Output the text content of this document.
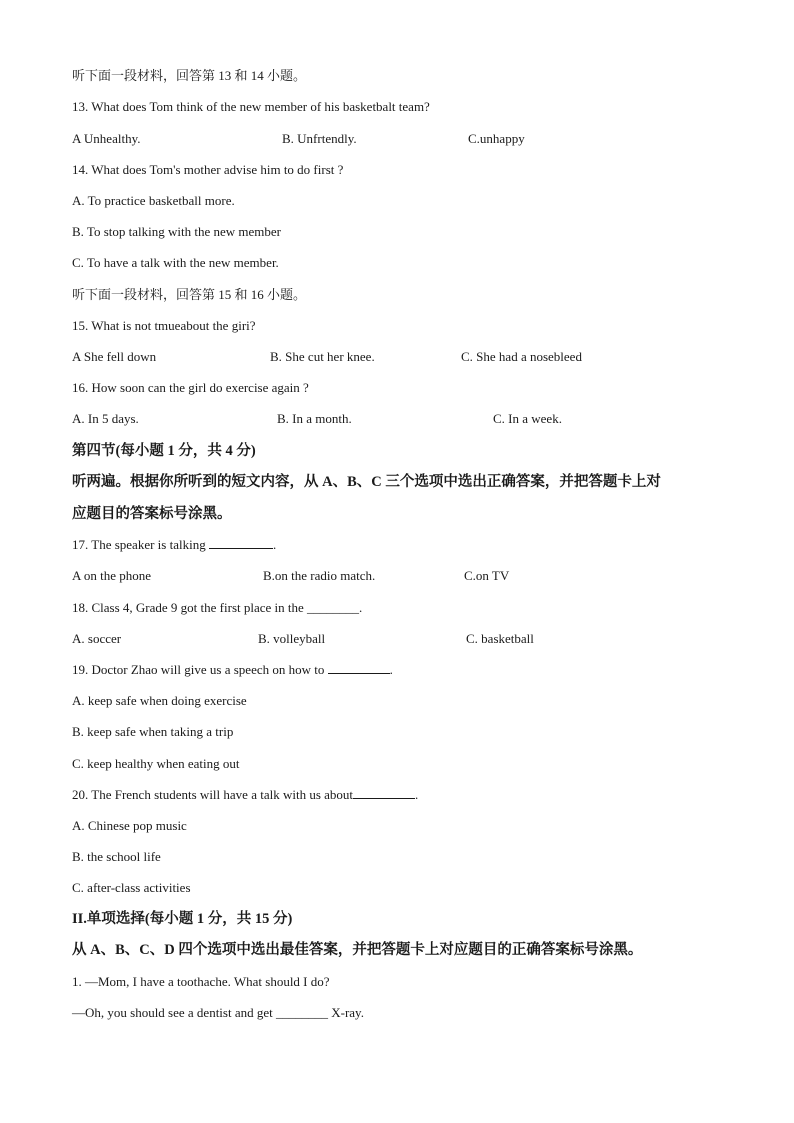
听下面一段材料，回答第 13 和 14 小题。
13. What does Tom think of the new member of his basketbalt team?
A Unhealthy.	B. Unfrtendly.	C.unhappy
14. What does Tom's mother advise him to do first ?
A. To practice basketball more.
B. To stop talking with the new member
C. To have a talk with the new member.
听下面一段材料，回答第 15 和 16 小题。
15. What is not tmueabout the giri?
A She fell down	B. She cut her knee.	C. She had a nosebleed
16. How soon can the girl do exercise again ?
A. In 5 days.	B. In a month.	C. In a week.
第四节(每小题 1 分，共 4 分)
听两遍。根据你所听到的短文内容，从 A、B、C 三个选项中选出正确答案，并把答题卡上对
应题目的答案标号涂黑。
17. The speaker is talking	.
A on the phone	B.on the radio match.	C.on TV
18. Class 4, Grade 9 got the first place in the ________.
A. soccer	B. volleyball	C. basketball
19. Doctor Zhao will give us a speech on how to	.
A. keep safe when doing exercise
B. keep safe when taking a trip
C. keep healthy when eating out
20. The French students will have a talk with us about	.
A. Chinese pop music
B. the school life
C. after-class activities
II.单项选择(每小题 1 分，共 15 分)
从 A、B、C、D 四个选项中选出最佳答案，并把答题卡上对应题目的正确答案标号涂黑。
1. —Mom, I have a toothache. What should I do?
—Oh, you should see a dentist and get ________ X-ray.
